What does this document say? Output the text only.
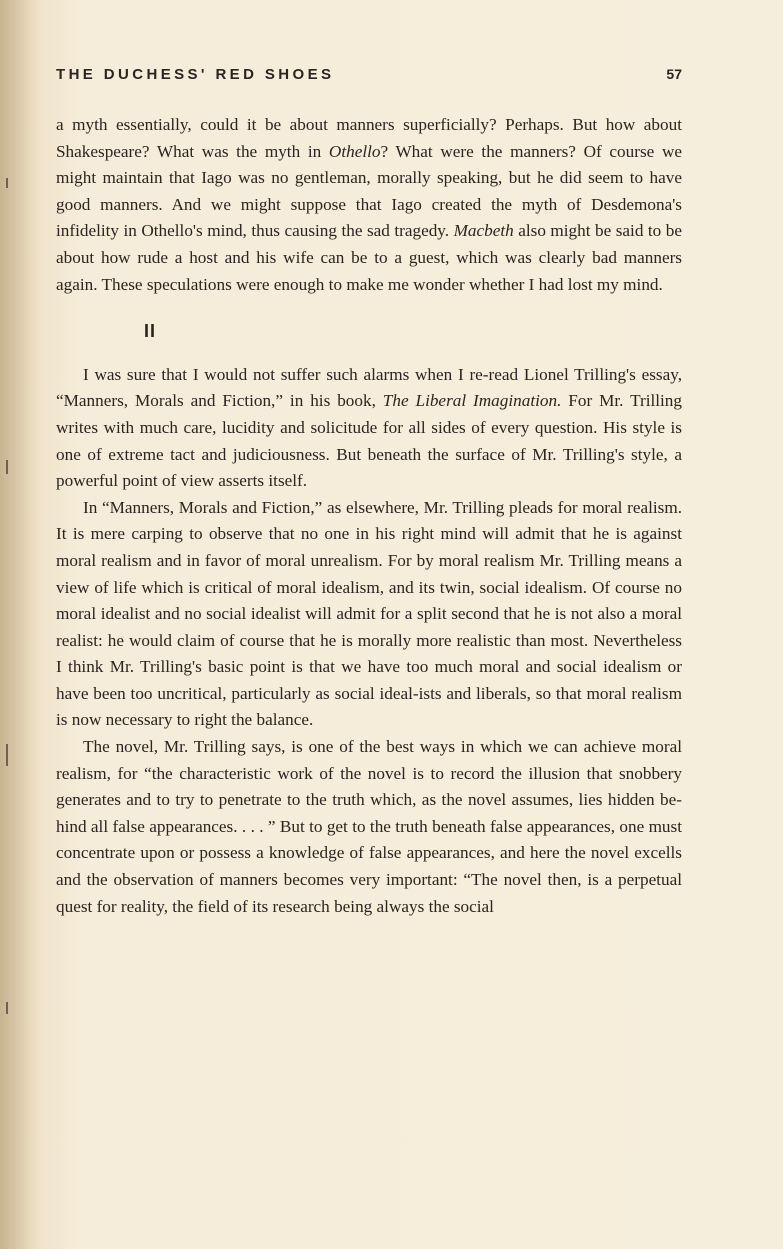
THE DUCHESS' RED SHOES	57

a myth essentially, could it be about manners superficially? Perhaps. But how about Shakespeare? What was the myth in Othello? What were the manners? Of course we might maintain that Iago was no gentleman, morally speaking, but he did seem to have good manners. And we might suppose that Iago created the myth of Desdemona's infidelity in Othello's mind, thus causing the sad tragedy. Macbeth also might be said to be about how rude a host and his wife can be to a guest, which was clearly bad manners again. These speculations were enough to make me wonder whether I had lost my mind.

II

I was sure that I would not suffer such alarms when I re-read Lionel Trilling's essay, “Manners, Morals and Fiction,” in his book, The Liberal Imagination. For Mr. Trilling writes with much care, lucidity and solicitude for all sides of every question. His style is one of extreme tact and judiciousness. But beneath the surface of Mr. Trilling's style, a powerful point of view asserts itself.

In “Manners, Morals and Fiction,” as elsewhere, Mr. Trilling pleads for moral realism. It is mere carping to observe that no one in his right mind will admit that he is against moral realism and in favor of moral unrealism. For by moral realism Mr. Trilling means a view of life which is critical of moral idealism, and its twin, social idealism. Of course no moral idealist and no social idealist will admit for a split second that he is not also a moral realist: he would claim of course that he is morally more realistic than most. Nevertheless I think Mr. Trilling's basic point is that we have too much moral and social idealism or have been too uncritical, particularly as social ideal-ists and liberals, so that moral realism is now necessary to right the balance.

The novel, Mr. Trilling says, is one of the best ways in which we can achieve moral realism, for “the characteristic work of the novel is to record the illusion that snobbery generates and to try to penetrate to the truth which, as the novel assumes, lies hidden be-hind all false appearances. . . . ” But to get to the truth beneath false appearances, one must concentrate upon or possess a knowledge of false appearances, and here the novel excells and the observation of manners becomes very important: “The novel then, is a perpetual quest for reality, the field of its research being always the social
